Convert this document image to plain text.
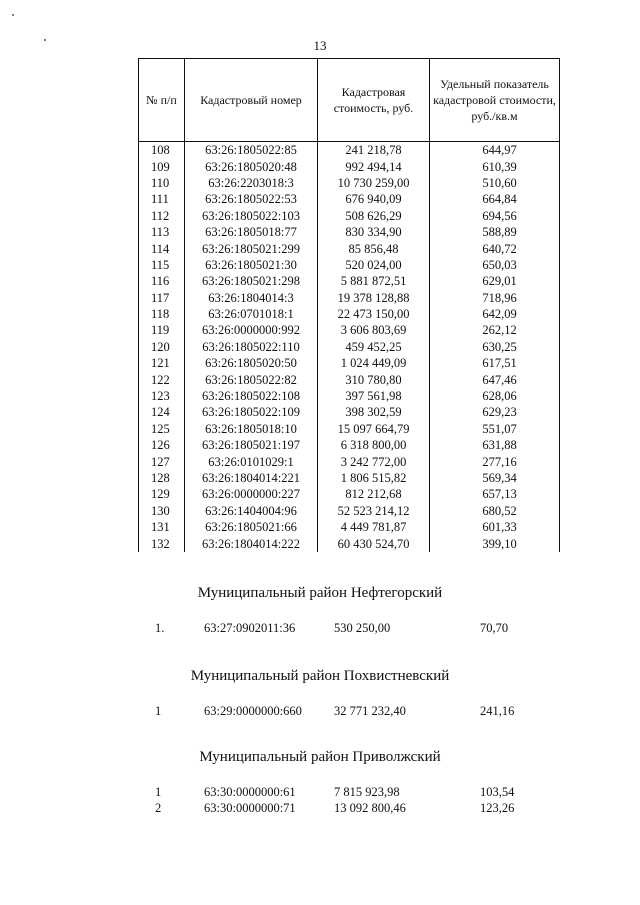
13
№ п/п	Кадастровый номер	Кадастровая стоимость, руб.	Удельный показатель кадастровой стоимости, руб./кв.м
108	63:26:1805022:85	241 218,78	644,97
109	63:26:1805020:48	992 494,14	610,39
110	63:26:2203018:3	10 730 259,00	510,60
111	63:26:1805022:53	676 940,09	664,84
112	63:26:1805022:103	508 626,29	694,56
113	63:26:1805018:77	830 334,90	588,89
114	63:26:1805021:299	85 856,48	640,72
115	63:26:1805021:30	520 024,00	650,03
116	63:26:1805021:298	5 881 872,51	629,01
117	63:26:1804014:3	19 378 128,88	718,96
118	63:26:0701018:1	22 473 150,00	642,09
119	63:26:0000000:992	3 606 803,69	262,12
120	63:26:1805022:110	459 452,25	630,25
121	63:26:1805020:50	1 024 449,09	617,51
122	63:26:1805022:82	310 780,80	647,46
123	63:26:1805022:108	397 561,98	628,06
124	63:26:1805022:109	398 302,59	629,23
125	63:26:1805018:10	15 097 664,79	551,07
126	63:26:1805021:197	6 318 800,00	631,88
127	63:26:0101029:1	3 242 772,00	277,16
128	63:26:1804014:221	1 806 515,82	569,34
129	63:26:0000000:227	812 212,68	657,13
130	63:26:1404004:96	52 523 214,12	680,52
131	63:26:1805021:66	4 449 781,87	601,33
132	63:26:1804014:222	60 430 524,70	399,10
Муниципальный район Нефтегорский
1.	63:27:0902011:36	530 250,00	70,70
Муниципальный район Похвистневский
1	63:29:0000000:660	32 771 232,40	241,16
Муниципальный район Приволжский
1	63:30:0000000:61	7 815 923,98	103,54
2	63:30:0000000:71	13 092 800,46	123,26
